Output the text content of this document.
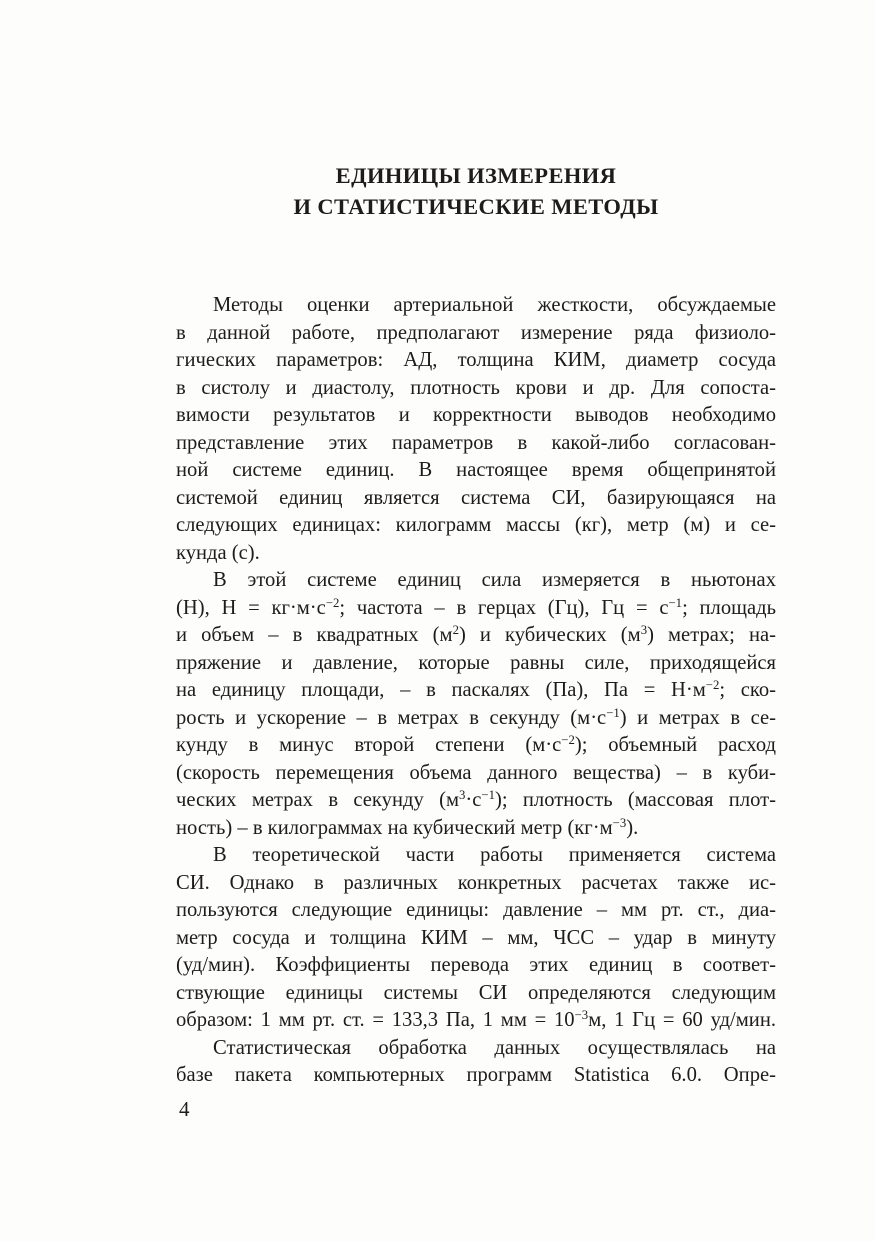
ЕДИНИЦЫ ИЗМЕРЕНИЯ
И СТАТИСТИЧЕСКИЕ МЕТОДЫ
Методы оценки артериальной жесткости, обсуждаемые
в данной работе, предполагают измерение ряда физиоло-
гических параметров: АД, толщина КИМ, диаметр сосуда
в систолу и диастолу, плотность крови и др. Для сопоста-
вимости результатов и корректности выводов необходимо
представление этих параметров в какой-либо согласован-
ной системе единиц. В настоящее время общепринятой
системой единиц является система СИ, базирующаяся на
следующих единицах: килограмм массы (кг), метр (м) и се-
кунда (с).
В этой системе единиц сила измеряется в ньютонах
(Н), $Н = кг\cdot м\cdot с^{-2}$; частота – в герцах (Гц), Гц = $с^{-1}$; площадь
и объем – в квадратных $(м^2)$ и кубических $(м^3)$ метрах; на-
пряжение и давление, которые равны силе, приходящейся
на единицу площади, – в паскалях (Па), Па = $Н\cdot м^{-2}$; ско-
рость и ускорение – в метрах в секунду $(м\cdot с^{-1})$ и метрах в се-
кунду в минус второй степени $(м\cdot с^{-2})$; объемный расход
(скорость перемещения объема данного вещества) – в куби-
ческих метрах в секунду $(м^3\cdot с^{-1})$; плотность (массовая плот-
ность) – в килограммах на кубический метр $(кг\cdot м^{-3})$.
В теоретической части работы применяется система
СИ. Однако в различных конкретных расчетах также ис-
пользуются следующие единицы: давление – мм рт. ст., диа-
метр сосуда и толщина КИМ – мм, ЧСС – удар в минуту
(уд/мин). Коэффициенты перевода этих единиц в соответ-
ствующие единицы системы СИ определяются следующим
образом: 1 мм рт. ст. = 133,3 Па, 1 мм = $10^{-3}м$, 1 Гц = 60 уд/мин.
Статистическая обработка данных осуществлялась на
базе пакета компьютерных программ Statistica 6.0. Опре-
4
